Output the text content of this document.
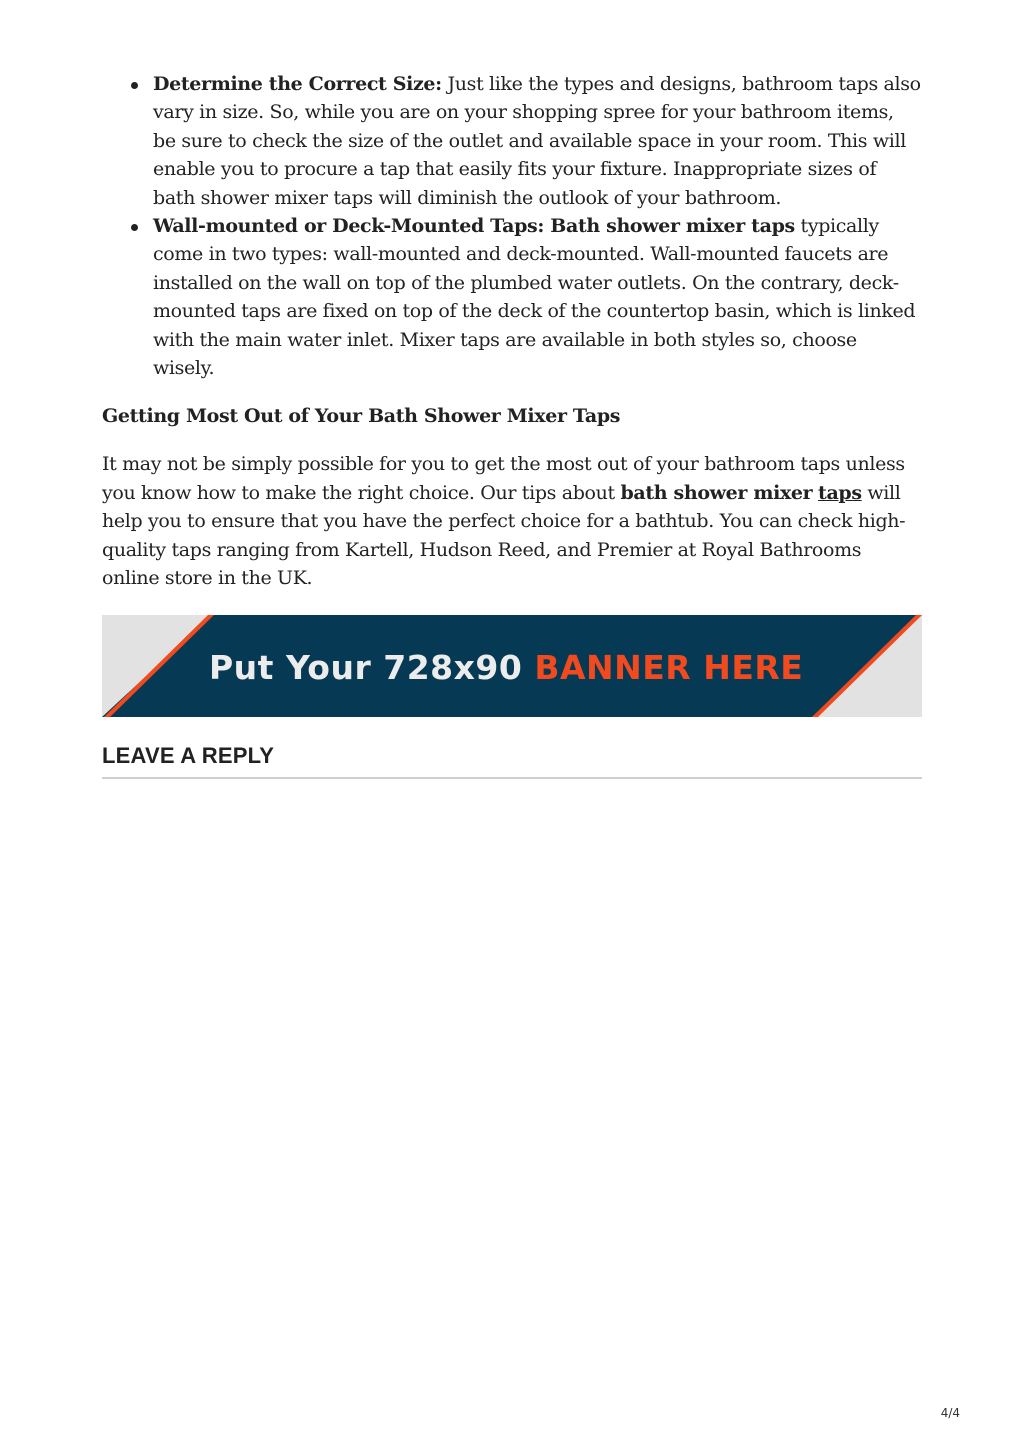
Determine the Correct Size: Just like the types and designs, bathroom taps also vary in size. So, while you are on your shopping spree for your bathroom items, be sure to check the size of the outlet and available space in your room. This will enable you to procure a tap that easily fits your fixture. Inappropriate sizes of bath shower mixer taps will diminish the outlook of your bathroom.
Wall-mounted or Deck-Mounted Taps: Bath shower mixer taps typically come in two types: wall-mounted and deck-mounted. Wall-mounted faucets are installed on the wall on top of the plumbed water outlets. On the contrary, deck-mounted taps are fixed on top of the deck of the countertop basin, which is linked with the main water inlet. Mixer taps are available in both styles so, choose wisely.
Getting Most Out of Your Bath Shower Mixer Taps

It may not be simply possible for you to get the most out of your bathroom taps unless you know how to make the right choice. Our tips about bath shower mixer taps will help you to ensure that you have the perfect choice for a bathtub. You can check high-quality taps ranging from Kartell, Hudson Reed, and Premier at Royal Bathrooms online store in the UK.

Put Your 728x90 BANNER HERE
LEAVE A REPLY
4/4
